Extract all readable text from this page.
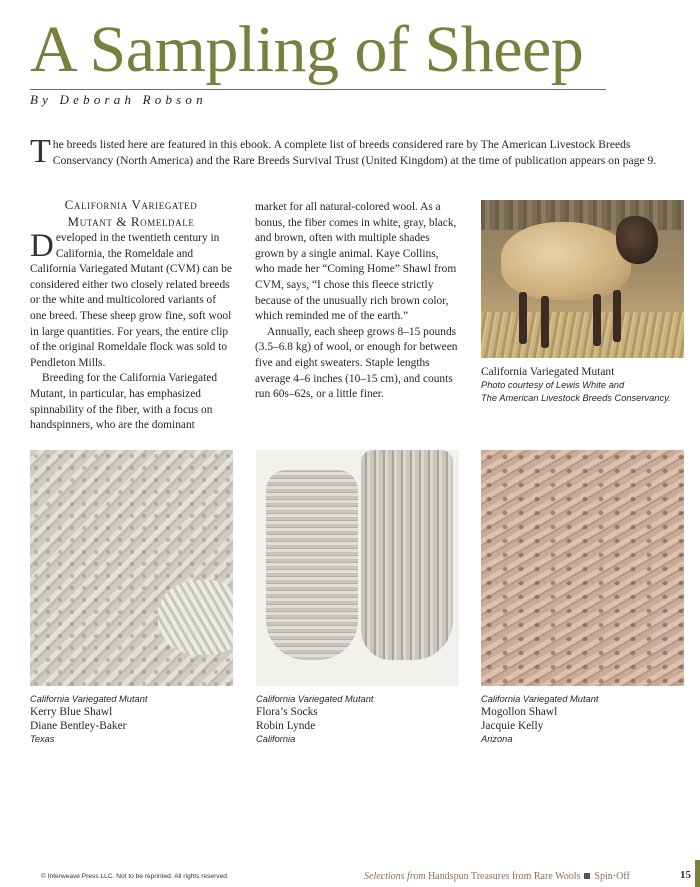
A Sampling of Sheep
By Deborah Robson
The breeds listed here are featured in this ebook. A complete list of breeds considered rare by The American Livestock Breeds Conservancy (North America) and the Rare Breeds Survival Trust (United Kingdom) at the time of publication appears on page 9.
California Variegated
Mutant & Romeldale

Developed in the twentieth century in California, the Romeldale and California Variegated Mutant (CVM) can be considered either two closely related breeds or the white and multicolored variants of one breed. These sheep grow fine, soft wool in large quantities. For years, the entire clip of the original Romeldale flock was sold to Pendleton Mills.

Breeding for the California Variegated Mutant, in particular, has emphasized spinnability of the fiber, with a focus on handspinners, who are the dominant

market for all natural-colored wool. As a bonus, the fiber comes in white, gray, black, and brown, often with multiple shades grown by a single animal. Kaye Collins, who made her “Coming Home” Shawl from CVM, says, “I chose this fleece strictly because of the unusually rich brown color, which reminded me of the earth.”

Annually, each sheep grows 8–15 pounds (3.5–6.8 kg) of wool, or enough for between five and eight sweaters. Staple lengths average 4–6 inches (10–15 cm), and counts run 60s–62s, or a little finer.

California Variegated Mutant
Photo courtesy of Lewis White and
The American Livestock Breeds Conservancy.
California Variegated Mutant
Kerry Blue Shawl
Diane Bentley-Baker
Texas
California Variegated Mutant
Flora’s Socks
Robin Lynde
California
California Variegated Mutant
Mogollon Shawl
Jacquie Kelly
Arizona
© Interweave Press LLC. Not to be reprinted. All rights reserved.	Selections from Handspun Treasures from Rare Wools Spin·Off	15
